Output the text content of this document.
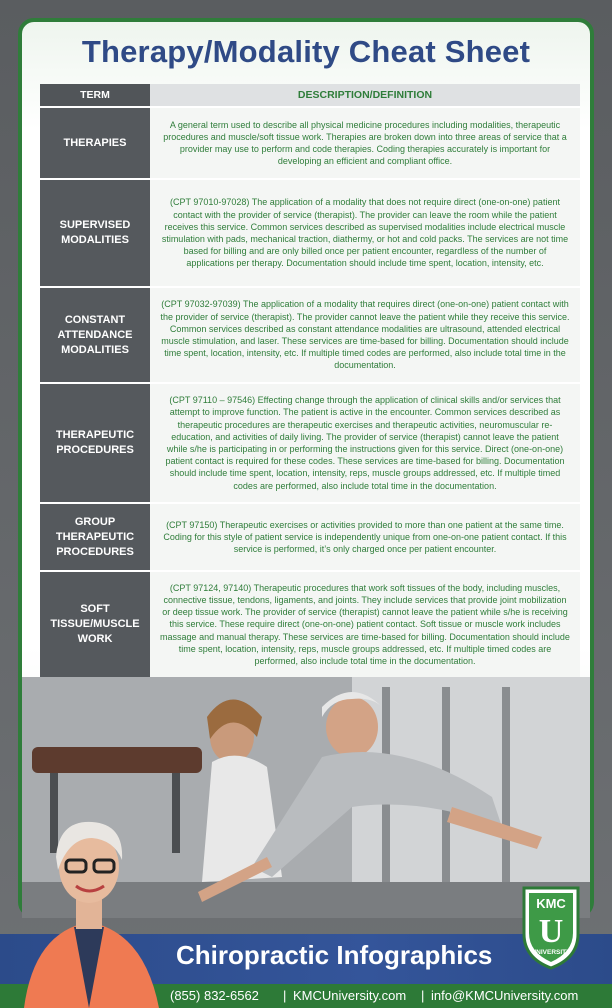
Therapy/Modality Cheat Sheet
TERM	DESCRIPTION/DEFINITION
THERAPIES	A general term used to describe all physical medicine procedures including modalities, therapeutic procedures and muscle/soft tissue work. Therapies are broken down into three areas of service that a provider may use to perform and code therapies. Coding therapies accurately is important for developing an efficient and compliant office.
SUPERVISED MODALITIES	(CPT 97010-97028) The application of a modality that does not require direct (one-on-one) patient contact with the provider of service (therapist). The provider can leave the room while the patient receives this service. Common services described as supervised modalities include electrical muscle stimulation with pads, mechanical traction, diathermy, or hot and cold packs. The services are not time based for billing and are only billed once per patient encounter, regardless of the number of applications per therapy. Documentation should include time spent, location, intensity, etc.
CONSTANT ATTENDANCE MODALITIES	(CPT 97032-97039) The application of a modality that requires direct (one-on-one) patient contact with the provider of service (therapist). The provider cannot leave the patient while they receive this service. Common services described as constant attendance modalities are ultrasound, attended electrical muscle stimulation, and laser. These services are time-based for billing. Documentation should include time spent, location, intensity, etc. If multiple timed codes are performed, also include total time in the documentation.
THERAPEUTIC PROCEDURES	(CPT 97110 – 97546) Effecting change through the application of clinical skills and/or services that attempt to improve function. The patient is active in the encounter. Common services described as therapeutic procedures are therapeutic exercises and therapeutic activities, neuromuscular re-education, and activities of daily living. The provider of service (therapist) cannot leave the patient while s/he is participating in or performing the instructions given for this service. Direct (one-on-one) patient contact is required for these codes. These services are time-based for billing. Documentation should include time spent, location, intensity, reps, muscle groups addressed, etc. If multiple timed codes are performed, also include total time in the documentation.
GROUP THERAPEUTIC PROCEDURES	(CPT 97150) Therapeutic exercises or activities provided to more than one patient at the same time. Coding for this style of patient service is independently unique from one-on-one patient contact. If this service is performed, it’s only charged once per patient encounter.
SOFT TISSUE/MUSCLE WORK	(CPT 97124, 97140) Therapeutic procedures that work soft tissues of the body, including muscles, connective tissue, tendons, ligaments, and joints. They include services that provide joint mobilization or deep tissue work. The provider of service (therapist) cannot leave the patient while s/he is receiving this service. These require direct (one-on-one) patient contact. Soft tissue or muscle work includes massage and manual therapy. These services are time-based for billing. Documentation should include time spent, location, intensity, reps, muscle groups addressed, etc. If multiple timed codes are performed, also include total time in the documentation.
Chiropractic Infographics
(855) 832-6562 | KMCUniversity.com | info@KMCUniversity.com
KMC
U
UNIVERSITY
